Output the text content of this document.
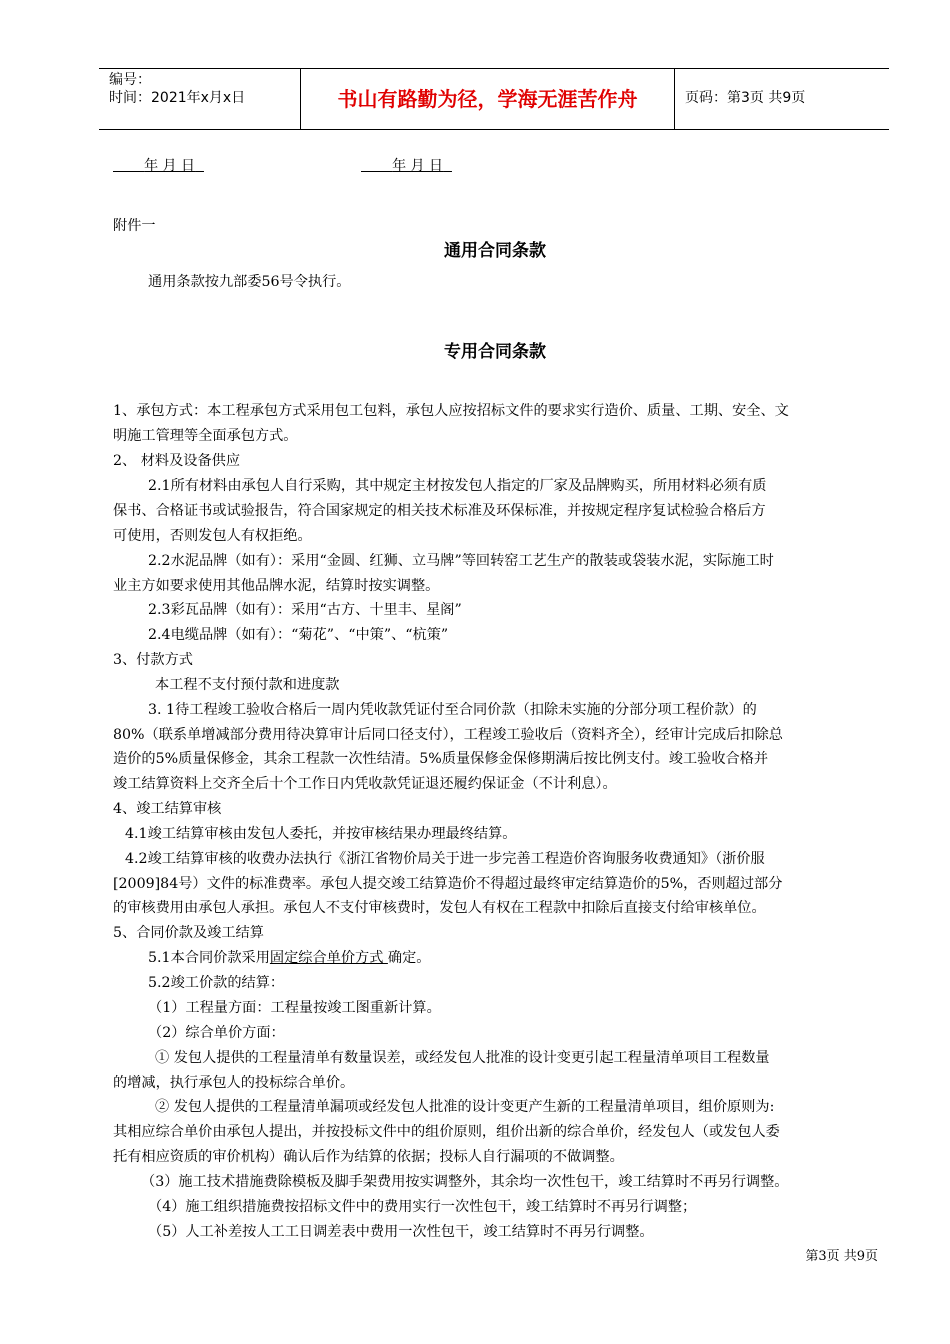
编号：
时间：2021年x月x日	书山有路勤为径，学海无涯苦作舟	页码：第3页 共9页
年 月 日	年 月 日
附件一
通用合同条款
通用条款按九部委56号令执行。
专用合同条款
1、承包方式：本工程承包方式采用包工包料，承包人应按招标文件的要求实行造价、质量、工期、安全、文
明施工管理等全面承包方式。
2、 材料及设备供应
2.1所有材料由承包人自行采购，其中规定主材按发包人指定的厂家及品牌购买，所用材料必须有质
保书、合格证书或试验报告，符合国家规定的相关技术标准及环保标准，并按规定程序复试检验合格后方
可使用，否则发包人有权拒绝。
2.2水泥品牌（如有）：采用“金圆、红狮、立马牌”等回转窑工艺生产的散装或袋装水泥，实际施工时
业主方如要求使用其他品牌水泥，结算时按实调整。
2.3彩瓦品牌（如有）：采用“古方、十里丰、星阁”
2.4电缆品牌（如有）：“菊花”、“中策”、“杭策”
3、付款方式
本工程不支付预付款和进度款
3. 1待工程竣工验收合格后一周内凭收款凭证付至合同价款（扣除未实施的分部分项工程价款）的
80%（联系单增减部分费用待决算审计后同口径支付），工程竣工验收后（资料齐全），经审计完成后扣除总
造价的5%质量保修金，其余工程款一次性结清。5%质量保修金保修期满后按比例支付。竣工验收合格并
竣工结算资料上交齐全后十个工作日内凭收款凭证退还履约保证金（不计利息）。
4、竣工结算审核
4.1竣工结算审核由发包人委托，并按审核结果办理最终结算。
4.2竣工结算审核的收费办法执行《浙江省物价局关于进一步完善工程造价咨询服务收费通知》（浙价服
[2009]84号）文件的标准费率。承包人提交竣工结算造价不得超过最终审定结算造价的5%，否则超过部分
的审核费用由承包人承担。承包人不支付审核费时，发包人有权在工程款中扣除后直接支付给审核单位。
5、合同价款及竣工结算
5.1本合同价款采用固定综合单价方式 确定。
5.2竣工价款的结算：
（1）工程量方面：工程量按竣工图重新计算。
（2）综合单价方面：
① 发包人提供的工程量清单有数量误差，或经发包人批准的设计变更引起工程量清单项目工程数量
的增减，执行承包人的投标综合单价。
② 发包人提供的工程量清单漏项或经发包人批准的设计变更产生新的工程量清单项目，组价原则为:
其相应综合单价由承包人提出，并按投标文件中的组价原则，组价出新的综合单价，经发包人（或发包人委
托有相应资质的审价机构）确认后作为结算的依据；投标人自行漏项的不做调整。
（3）施工技术措施费除模板及脚手架费用按实调整外，其余均一次性包干，竣工结算时不再另行调整。
（4）施工组织措施费按招标文件中的费用实行一次性包干，竣工结算时不再另行调整；
（5）人工补差按人工工日调差表中费用一次性包干，竣工结算时不再另行调整。
第3页 共9页
